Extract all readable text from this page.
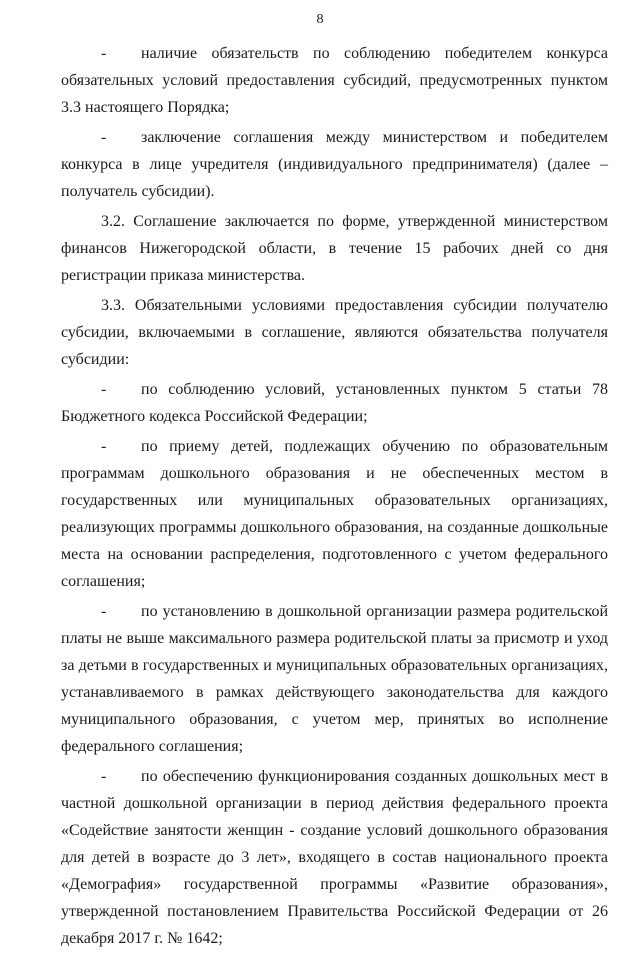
8

- наличие обязательств по соблюдению победителем конкурса обязательных условий предоставления субсидий, предусмотренных пунктом 3.3 настоящего Порядка;

- заключение соглашения между министерством и победителем конкурса в лице учредителя (индивидуального предпринимателя) (далее – получатель субсидии).

3.2. Соглашение заключается по форме, утвержденной министерством финансов Нижегородской области, в течение 15 рабочих дней со дня регистрации приказа министерства.

3.3. Обязательными условиями предоставления субсидии получателю субсидии, включаемыми в соглашение, являются обязательства получателя субсидии:

- по соблюдению условий, установленных пунктом 5 статьи 78 Бюджетного кодекса Российской Федерации;

- по приему детей, подлежащих обучению по образовательным программам дошкольного образования и не обеспеченных местом в государственных или муниципальных образовательных организациях, реализующих программы дошкольного образования, на созданные дошкольные места на основании распределения, подготовленного с учетом федерального соглашения;

- по установлению в дошкольной организации размера родительской платы не выше максимального размера родительской платы за присмотр и уход за детьми в государственных и муниципальных образовательных организациях, устанавливаемого в рамках действующего законодательства для каждого муниципального образования, с учетом мер, принятых во исполнение федерального соглашения;

- по обеспечению функционирования созданных дошкольных мест в частной дошкольной организации в период действия федерального проекта «Содействие занятости женщин - создание условий дошкольного образования для детей в возрасте до 3 лет», входящего в состав национального проекта «Демография» государственной программы «Развитие образования», утвержденной постановлением Правительства Российской Федерации от 26 декабря 2017 г. № 1642;
